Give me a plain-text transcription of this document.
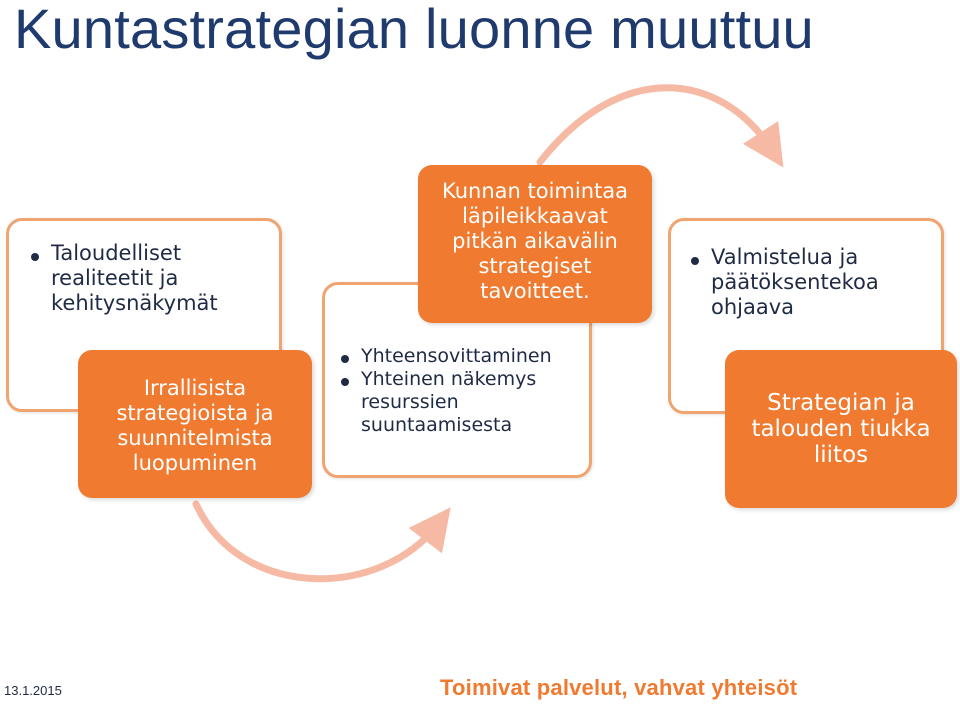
Kuntastrategian luonne muuttuu
Taloudelliset realiteetit ja kehitysnäkymät
Yhteensovittaminen
Yhteinen näkemys resurssien suuntaamisesta
Valmistelua ja päätöksentekoa ohjaava
Irrallisista strategioista ja suunnitelmista luopuminen
Kunnan toimintaa läpileikkaavat pitkän aikavälin strategiset tavoitteet.
Strategian ja talouden tiukka liitos
13.1.2015	Toimivat palvelut, vahvat yhteisöt
